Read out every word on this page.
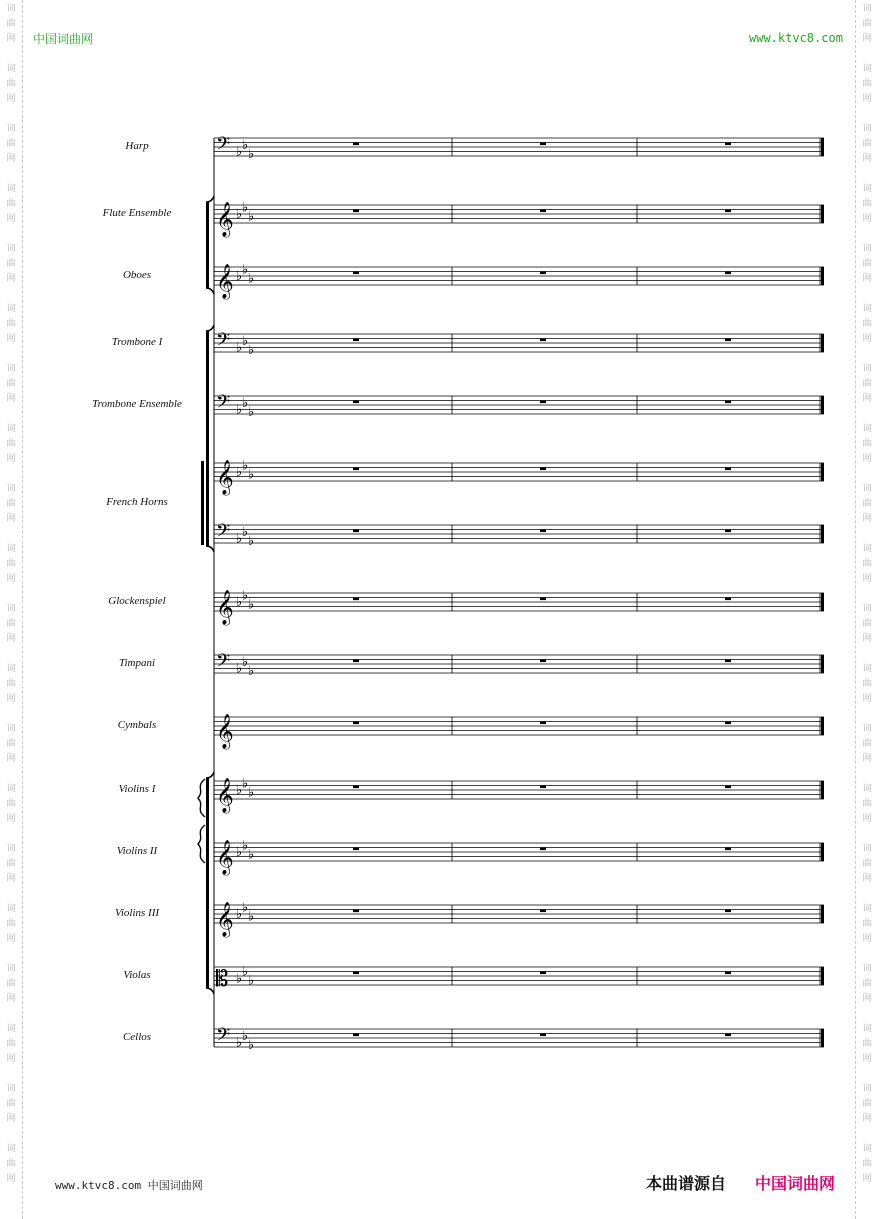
词
曲
网
词
曲
网
词
曲
网
词
曲
网
词
曲
网
词
曲
网
词
曲
网
词
曲
网
词
曲
网
词
曲
网
词
曲
网
词
曲
网
词
曲
网
词
曲
网
词
曲
网
词
曲
网
词
曲
网
词
曲
网
词
曲
网
词
曲
网
词
曲
网
词
曲
网
词
曲
网
词
曲
网
词
曲
网
词
曲
网
词
曲
网
词
曲
网
词
曲
网
词
曲
网
词
曲
网
词
曲
网
词
曲
网
词
曲
网
词
曲
网
词
曲
网
词
曲
网
词
曲
网
词
曲
网
词
曲
网
中国词曲网	www.ktvc8.com
𝄢 ♭ ♭
♭
𝄞 ♭ ♭
♭
𝄞 ♭ ♭
♭
𝄢 ♭ ♭
♭
𝄢 ♭ ♭
♭
𝄞 ♭ ♭
♭
𝄢 ♭ ♭
♭
𝄞 ♭ ♭
♭
𝄢 ♭ ♭
♭
𝄞
𝄞 ♭ ♭
♭
𝄞 ♭ ♭
♭
𝄞 ♭ ♭
♭
𝄡 ♭ ♭
♭
𝄢 ♭ ♭
♭
Harp
Flute Ensemble
Oboes
Trombone I
Trombone Ensemble
French Horns
Glockenspiel
Timpani
Cymbals
Violins I
Violins II
Violins III
Violas
Cellos
www.ktvc8.com 中国词曲网	本曲谱源自 中国词曲网
